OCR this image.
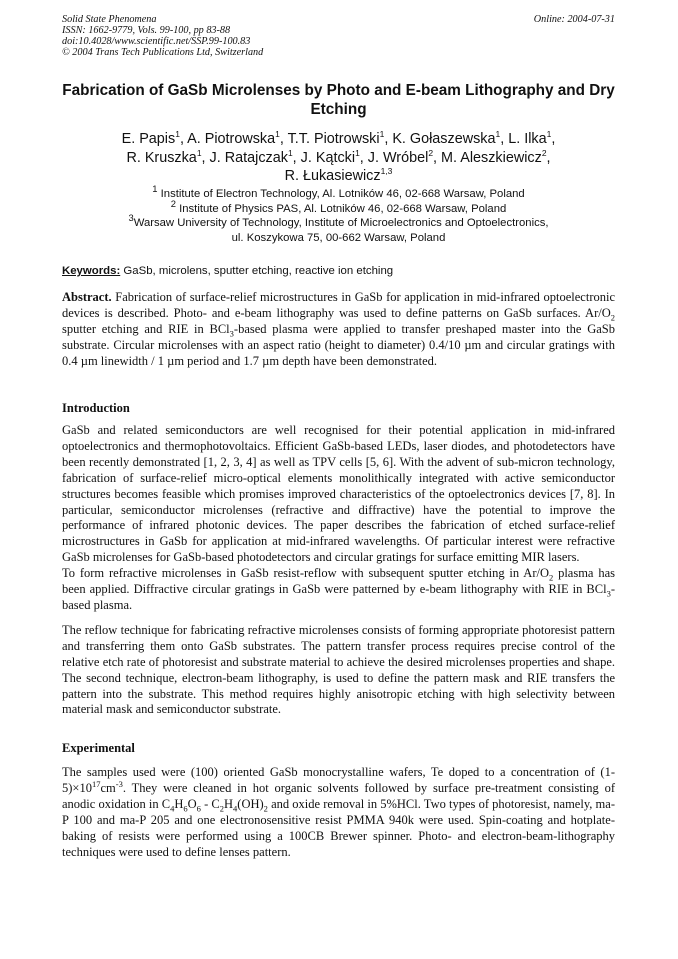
Solid State Phenomena
ISSN: 1662-9779, Vols. 99-100, pp 83-88
doi:10.4028/www.scientific.net/SSP.99-100.83
© 2004 Trans Tech Publications Ltd, Switzerland
Online: 2004-07-31
Fabrication of GaSb Microlenses by Photo and E-beam Lithography and Dry Etching
E. Papis$^1$, A. Piotrowska$^1$, T.T. Piotrowski$^1$, K. Gołaszewska$^1$, L. Ilka$^1$,
R. Kruszka$^1$, J. Ratajczak$^1$, J. Kątcki$^1$, J. Wróbel$^2$, M. Aleszkiewicz$^2$,
R. Łukasiewicz$^{1,3}$
$^1$ Institute of Electron Technology, Al. Lotników 46, 02-668 Warsaw, Poland
$^2$ Institute of Physics PAS, Al. Lotników 46, 02-668 Warsaw, Poland
$^3$Warsaw University of Technology, Institute of Microelectronics and Optoelectronics,
ul. Koszykowa 75, 00-662 Warsaw, Poland
Keywords: GaSb, microlens, sputter etching, reactive ion etching

Abstract. Fabrication of surface-relief microstructures in GaSb for application in mid-infrared optoelectronic devices is described. Photo- and e-beam lithography was used to define patterns on GaSb surfaces. $Ar/O_2$ sputter etching and RIE in BCl$_3$-based plasma were applied to transfer preshaped master into the GaSb substrate. Circular microlenses with an aspect ratio (height to diameter) 0.4/10 µm and circular gratings with 0.4 µm linewidth / 1 µm period and 1.7 µm depth have been demonstrated.

Introduction

GaSb and related semiconductors are well recognised for their potential application in mid-infrared optoelectronics and thermophotovoltaics. Efficient GaSb-based LEDs, laser diodes, and photodetectors have been recently demonstrated [1, 2, 3, 4] as well as TPV cells [5, 6]. With the advent of sub-micron technology, fabrication of surface-relief micro-optical elements monolithically integrated with active semiconductor structures becomes feasible which promises improved characteristics of the optoelectronics devices [7, 8]. In particular, semiconductor microlenses (refractive and diffractive) have the potential to improve the performance of infrared photonic devices. The paper describes the fabrication of etched surface-relief microstructures in GaSb for application at mid-infrared wavelengths. Of particular interest were refractive GaSb microlenses for GaSb-based photodetectors and circular gratings for surface emitting MIR lasers.

To form refractive microlenses in GaSb resist-reflow with subsequent sputter etching in $Ar/O_2$ plasma has been applied. Diffractive circular gratings in GaSb were patterned by e-beam lithography with RIE in BCl$_3$-based plasma.

The reflow technique for fabricating refractive microlenses consists of forming appropriate photoresist pattern and transferring them onto GaSb substrates. The pattern transfer process requires precise control of the relative etch rate of photoresist and substrate material to achieve the desired microlenses properties and shape. The second technique, electron-beam lithography, is used to define the pattern mask and RIE transfers the pattern into the substrate. This method requires highly anisotropic etching with high selectivity between material mask and semiconductor substrate.

Experimental

The samples used were (100) oriented GaSb monocrystalline wafers, Te doped to a concentration of $(1-5)\times 10^{17}cm^{-3}$. They were cleaned in hot organic solvents followed by surface pre-treatment consisting of anodic oxidation in $C_4H_6O_6 - C_2H_4(OH)_2$ and oxide removal in 5%HCl. Two types of photoresist, namely, ma-P 100 and ma-P 205 and one electronosensitive resist PMMA 940k were used. Spin-coating and hotplate-baking of resists were performed using a 100CB Brewer spinner. Photo- and electron-beam-lithography techniques were used to define lenses pattern.
